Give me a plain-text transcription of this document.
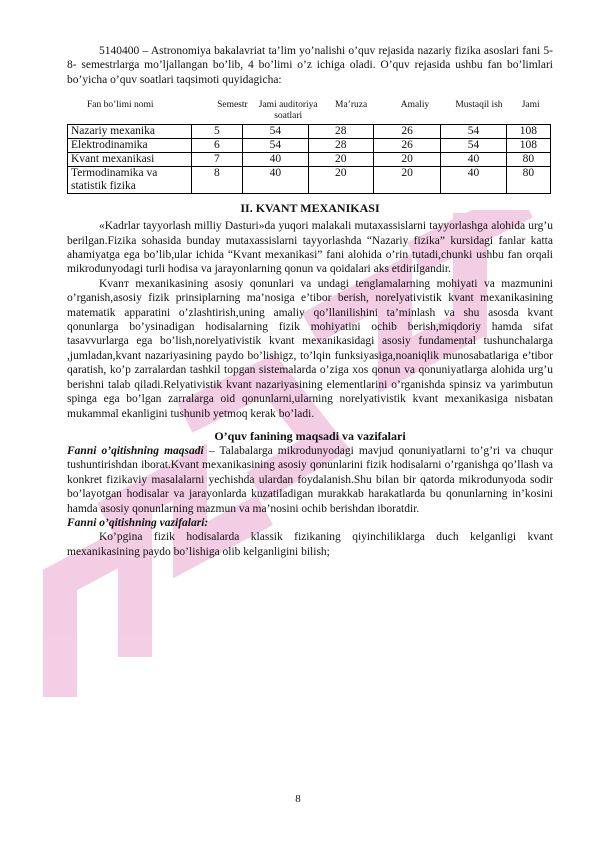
5140400 – Astronomiya bakalavriat ta’lim yo’nalishi o’quv rejasida nazariy fizika asoslari fani 5-8- semestrlarga mo’ljallangan bo’lib, 4 bo’limi o’z ichiga oladi. O’quv rejasida ushbu fan bo’limlari bo’yicha o’quv soatlari taqsimoti quyidagicha:

Fan bo’limi nomi	Semestr	Jami auditoriya soatlari	Ma’ruza	Amaliy	Mustaqil ish	Jami
Nazariy mexanika	5	54	28	26	54	108
Elektrodinamika	6	54	28	26	54	108
Kvant mexanikasi	7	40	20	20	40	80
Termodinamika va statistik fizika	8	40	20	20	40	80
II. KVANT MEXANIKASI

«Kadrlar tayyorlash milliy Dasturi»da yuqori malakali mutaxassislarni tayyorlashga alohida urg’u berilgan.Fizika sohasida bunday mutaxassislarni tayyorlashda “Nazariy fizika” kursidagi fanlar katta ahamiyatga ega bo’lib,ular ichida “Kvant mexanikasi” fani alohida o’rin tutadi,chunki ushbu fan orqali mikrodunyodagi turli hodisa va jarayonlarning qonun va qoidalari aks etdirilgandir.

Kvanт mexanikasining asosiy qonunlari va undagi tenglamalarning mohiyati va mazmunini o’rganish,asosiy fizik prinsiplarning ma’nosiga e’tibor berish, norelyativistik kvant mexanikasining matematik apparatini o’zlashtirish,uning amaliy qo’llanilishini ta’minlash va shu asosda kvant qonunlarga bo’ysinadigan hodisalarning fizik mohiyatini ochib berish,miqdoriy hamda sifat tasavvurlarga ega bo’lish,norelyativistik kvant mexanikasidagi asosiy fundamental tushunchalarga ,jumladan,kvant nazariyasining paydo bo’lishigz, to’lqin funksiyasiga,noaniqlik munosabatlariga e’tibor qaratish, ko’p zarralardan tashkil topgan sistemalarda o’ziga xos qonun va qonuniyatlarga alohida urg’u berishni talab qiladi.Relyativistik kvant nazariyasining elementlarini o’rganishda spinsiz va yarimbutun spinga ega bo’lgan zarralarga oid qonunlarni,ularning norelyativistik kvant mexanikasiga nisbatan mukammal ekanligini tushunib yetmoq kerak bo’ladi.

O’quv fanining maqsadi va vazifalari

Fanni o’qitishning maqsadi – Talabalarga mikrodunyodagi mavjud qonuniyatlarni to’g’ri va chuqur tushuntirishdan iborat.Kvant mexanikasining asosiy qonunlarini fizik hodisalarni o’rganishga qo’llash va konkret fizikaviy masalalarni yechishda ulardan foydalanish.Shu bilan bir qatorda mikrodunyoda sodir bo’layotgan hodisalar va jarayonlarda kuzatiladigan murakkab harakatlarda bu qonunlarning in’kosini hamda asosiy qonunlarning mazmun va ma’nosini ochib berishdan iboratdir.

Fanni o’qitishning vazifalari:

Ko’pgina fizik hodisalarda klassik fizikaning qiyinchiliklarga duch kelganligi kvant mexanikasining paydo bo’lishiga olib kelganligini bilish;

8
